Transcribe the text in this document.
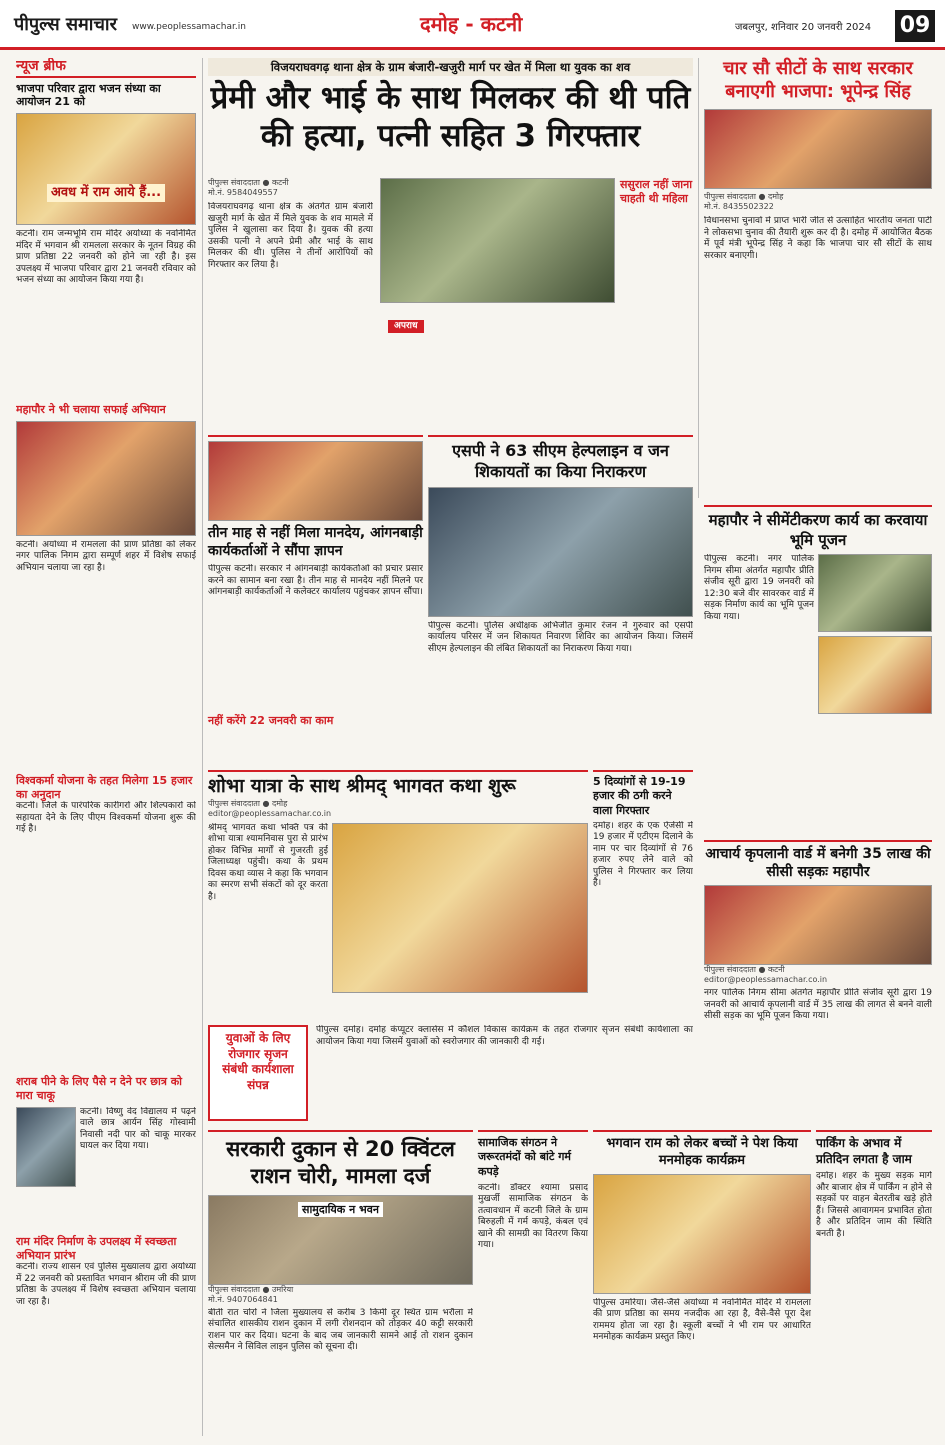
पीपुल्स समाचार www.peoplessamachar.in	दमोह - कटनी	जबलपुर, शनिवार 20 जनवरी 2024 09
न्यूज ब्रीफ
भाजपा परिवार द्वारा भजन संध्या का आयोजन 21 को
अवध में राम आये हैं...
कटनी। राम जन्मभूमि राम मंदिर अयोध्या के नवनिर्मित मंदिर में भगवान श्री रामलला सरकार के नूतन विग्रह की प्राण प्रतिष्ठा 22 जनवरी को होने जा रही है। इस उपलक्ष्य में भाजपा परिवार द्वारा 21 जनवरी रविवार को भजन संध्या का आयोजन किया गया है।
महापौर ने भी चलाया सफाई अभियान
कटनी। अयोध्या में रामलला की प्राण प्रतिष्ठा को लेकर नगर पालिक निगम द्वारा सम्पूर्ण शहर में विशेष सफाई अभियान चलाया जा रहा है।
विश्वकर्मा योजना के तहत मिलेगा 15 हजार का अनुदान
कटनी। जिले के पारंपरिक कारीगरों और शिल्पकारों को सहायता देने के लिए पीएम विश्वकर्मा योजना शुरू की गई है।
शराब पीने के लिए पैसे न देने पर छात्र को मारा चाकू
कटनी। विष्णु वेद विद्यालय में पढ़ने वाले छात्र आर्यन सिंह गोस्वामी निवासी नदी पार को चाकू मारकर घायल कर दिया गया।
राम मंदिर निर्माण के उपलक्ष्य में स्वच्छता अभियान प्रारंभ
कटनी। राज्य शासन एवं पुलिस मुख्यालय द्वारा अयोध्या में 22 जनवरी को प्रस्तावित भगवान श्रीराम जी की प्राण प्रतिष्ठा के उपलक्ष्य में विशेष स्वच्छता अभियान चलाया जा रहा है।
विजयराघवगढ़ थाना क्षेत्र के ग्राम बंजारी-खजुरी मार्ग पर खेत में मिला था युवक का शव
प्रेमी और भाई के साथ मिलकर की थी पति की हत्या, पत्नी सहित 3 गिरफ्तार
पीपुल्स संवाददाता ● कटनी
मो.नं. 9584049557
विजयराघवगढ़ थाना क्षेत्र के अंतर्गत ग्राम बंजारी खजुरी मार्ग के खेत में मिले युवक के शव मामले में पुलिस ने खुलासा कर दिया है। युवक की हत्या उसकी पत्नी ने अपने प्रेमी और भाई के साथ मिलकर की थी। पुलिस ने तीनों आरोपियों को गिरफ्तार कर लिया है।
अपराध
ससुराल नहीं जाना चाहती थी महिला
चार सौ सीटों के साथ सरकार बनाएगी भाजपा: भूपेन्द्र सिंह
पीपुल्स संवाददाता ● दमोह
मो.नं. 8435502322
विधानसभा चुनावों में प्राप्त भारी जीत से उत्साहित भारतीय जनता पार्टी ने लोकसभा चुनाव की तैयारी शुरू कर दी है। दमोह में आयोजित बैठक में पूर्व मंत्री भूपेन्द्र सिंह ने कहा कि भाजपा चार सौ सीटों के साथ सरकार बनाएगी।
तीन माह से नहीं मिला मानदेय, आंगनबाड़ी कार्यकर्ताओं ने सौंपा ज्ञापन
पीपुल्स कटनी। सरकार ने आंगनबाड़ी कार्यकर्ताओं को प्रचार प्रसार करने का सामान बना रखा है। तीन माह से मानदेय नहीं मिलने पर आंगनबाड़ी कार्यकर्ताओं ने कलेक्टर कार्यालय पहुंचकर ज्ञापन सौंपा।
नहीं करेंगे 22 जनवरी का काम
एसपी ने 63 सीएम हेल्पलाइन व जन शिकायतों का किया निराकरण
पीपुल्स कटनी। पुलिस अधीक्षक अभिजीत कुमार रंजन ने गुरुवार को एसपी कार्यालय परिसर में जन शिकायत निवारण शिविर का आयोजन किया। जिसमें सीएम हेल्पलाइन की लंबित शिकायतों का निराकरण किया गया।
महापौर ने सीमेंटीकरण कार्य का करवाया भूमि पूजन
पीपुल्स कटनी। नगर पालिक निगम सीमा अंतर्गत महापौर प्रीति संजीव सूरी द्वारा 19 जनवरी को 12:30 बजे वीर सावरकर वार्ड में सड़क निर्माण कार्य का भूमि पूजन किया गया।
शोभा यात्रा के साथ श्रीमद् भागवत कथा शुरू
पीपुल्स संवाददाता ● दमोह
editor@peoplessamachar.co.in
श्रीमद् भागवत कथा भक्ति पत्र की शोभा यात्रा श्यामनिवास पुरा से प्रारंभ होकर विभिन्न मार्गों से गुजरती हुई जिलाध्यक्ष पहुंची। कथा के प्रथम दिवस कथा व्यास ने कहा कि भगवान का स्मरण सभी संकटों को दूर करता है।
5 दिव्यांगों से 19-19 हजार की ठगी करने वाला गिरफ्तार
दमोह। शहर के एक ऐजेंसी में 19 हजार में एटीएम दिलाने के नाम पर चार दिव्यांगों से 76 हजार रुपए लेने वाले को पुलिस ने गिरफ्तार कर लिया है।
आचार्य कृपलानी वार्ड में बनेगी 35 लाख की सीसी सड़कः महापौर
पीपुल्स संवाददाता ● कटनी
editor@peoplessamachar.co.in
नगर पालिक निगम सीमा अंतर्गत महापौर प्रीति संजीव सूरी द्वारा 19 जनवरी को आचार्य कृपलानी वार्ड में 35 लाख की लागत से बनने वाली सीसी सड़क का भूमि पूजन किया गया।
युवाओं के लिए रोजगार सृजन संबंधी कार्यशाला संपन्न
पीपुल्स दमोह। दमोह कंप्यूटर क्लासेस में कौशल विकास कार्यक्रम के तहत रोजगार सृजन संबंधी कार्यशाला का आयोजन किया गया जिसमें युवाओं को स्वरोजगार की जानकारी दी गई।
सरकारी दुकान से 20 क्विंटल राशन चोरी, मामला दर्ज
सामुदायिक न भवन
पीपुल्स संवाददाता ● उमरिया
मो.नं. 9407064841
बीती रात चोरों ने जिला मुख्यालय से करीब 3 किमी दूर स्थित ग्राम भरौला में संचालित शासकीय राशन दुकान में लगी रोशनदान को तोड़कर 40 कट्टी सरकारी राशन पार कर दिया। घटना के बाद जब जानकारी सामने आई तो राशन दुकान सेल्समैन ने सिविल लाइन पुलिस को सूचना दी।
सामाजिक संगठन ने जरूरतमंदों को बांटे गर्म कपड़े
कटनी। डॉक्टर श्यामा प्रसाद मुखर्जी सामाजिक संगठन के तत्वावधान में कटनी जिले के ग्राम बिरुहली में गर्म कपड़े, कंबल एवं खाने की सामग्री का वितरण किया गया।
भगवान राम को लेकर बच्चों ने पेश किया मनमोहक कार्यक्रम
पीपुल्स उमरिया। जैसे-जैसे अयोध्या में नवनिर्मित मंदिर में रामलला की प्राण प्रतिष्ठा का समय नजदीक आ रहा है, वैसे-वैसे पूरा देश राममय होता जा रहा है। स्कूली बच्चों ने भी राम पर आधारित मनमोहक कार्यक्रम प्रस्तुत किए।
पार्किंग के अभाव में प्रतिदिन लगता है जाम
दमोह। शहर के मुख्य सड़क मार्ग और बाजार क्षेत्र में पार्किंग न होने से सड़कों पर वाहन बेतरतीब खड़े होते हैं। जिससे आवागमन प्रभावित होता है और प्रतिदिन जाम की स्थिति बनती है।
